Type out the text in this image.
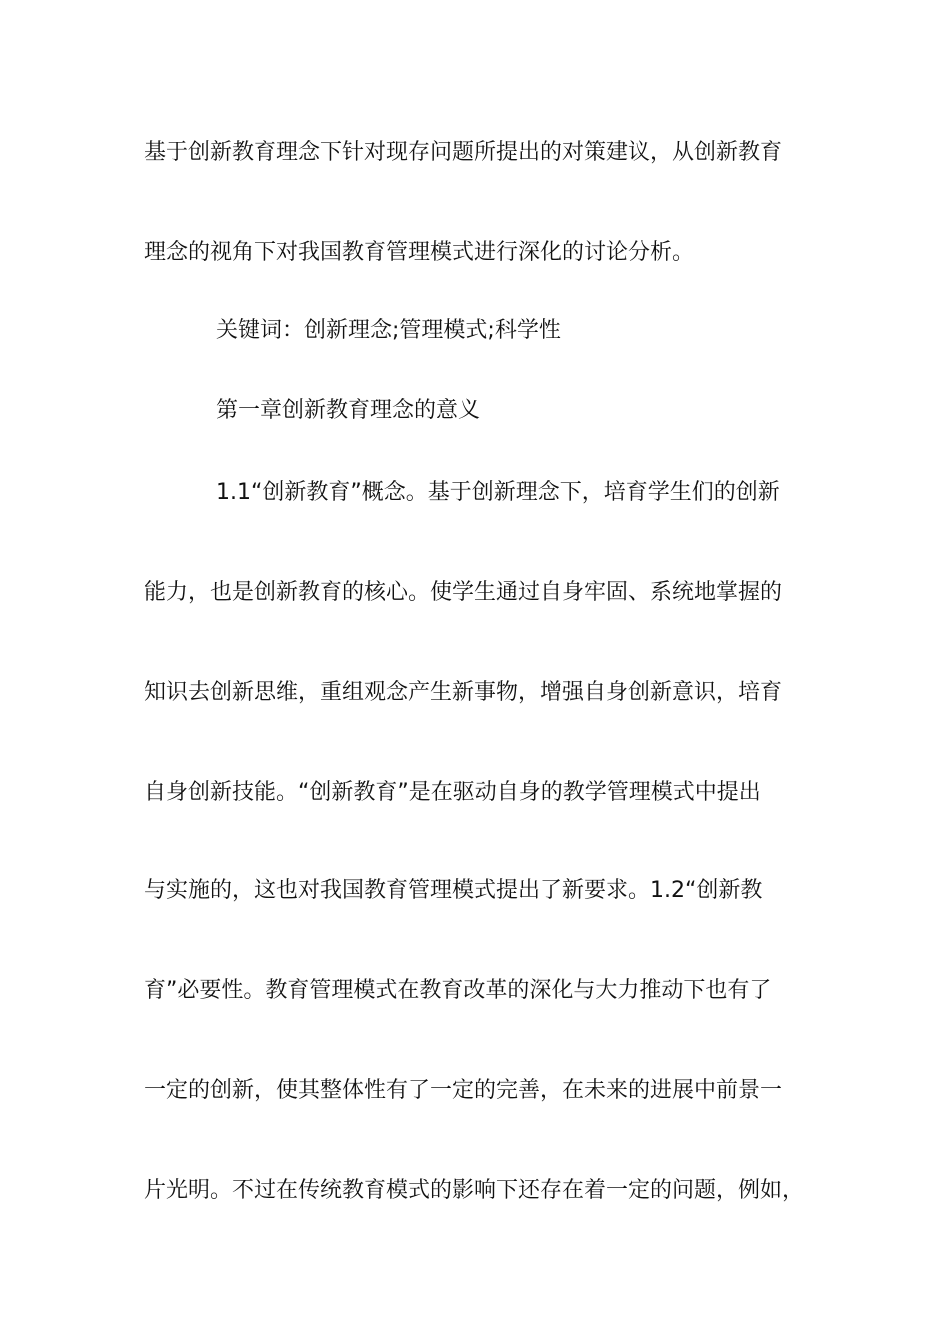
基于创新教育理念下针对现存问题所提出的对策建议，从创新教育
理念的视角下对我国教育管理模式进行深化的讨论分析。
关键词：创新理念;管理模式;科学性
第一章创新教育理念的意义
1.1“创新教育”概念。基于创新理念下，培育学生们的创新
能力，也是创新教育的核心。使学生通过自身牢固、系统地掌握的
知识去创新思维，重组观念产生新事物，增强自身创新意识，培育
自身创新技能。“创新教育”是在驱动自身的教学管理模式中提出
与实施的，这也对我国教育管理模式提出了新要求。1.2“创新教
育”必要性。教育管理模式在教育改革的深化与大力推动下也有了
一定的创新，使其整体性有了一定的完善，在未来的进展中前景一
片光明。不过在传统教育模式的影响下还存在着一定的问题，例如，
